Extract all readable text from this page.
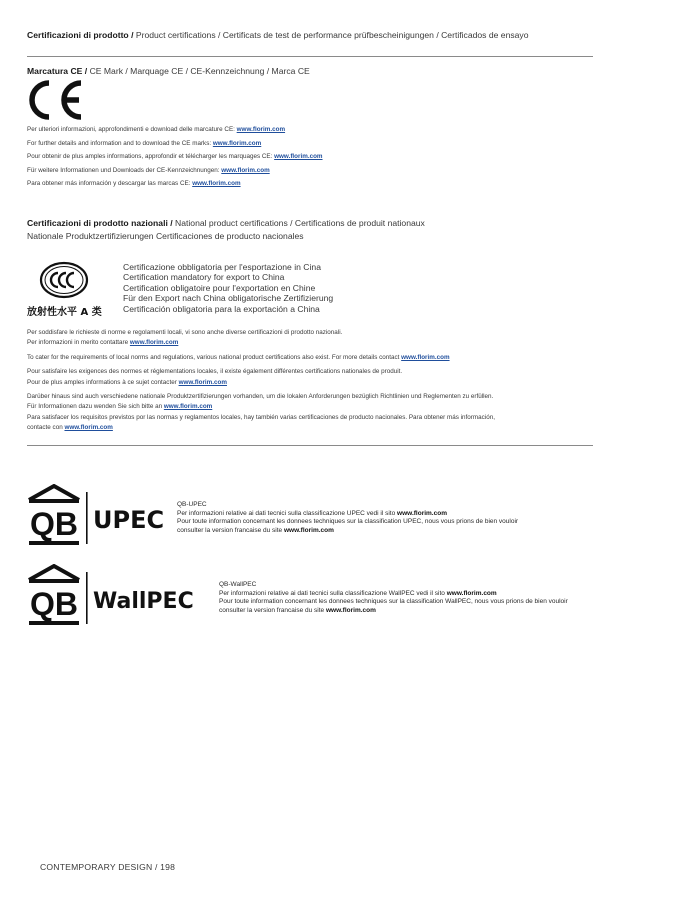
Certificazioni di prodotto / Product certifications / Certificats de test de performance prüfbescheinigungen / Certificados de ensayo
Marcatura CE / CE Mark / Marquage CE / CE-Kennzeichnung / Marca CE
Per ulteriori informazioni, approfondimenti e download delle marcature CE: www.florim.com
For further details and information and to download the CE marks: www.florim.com
Pour obtenir de plus amples informations, approfondir et télécharger les marquages CE: www.florim.com
Für weitere Informationen und Downloads der CE-Kennzeichnungen: www.florim.com
Para obtener más información y descargar las marcas CE: www.florim.com
Certificazioni di prodotto nazionali / National product certifications / Certifications de produit nationaux
Nationale Produktzertifizierungen Certificaciones de producto nacionales
放射性水平 A 类
Certificazione obbligatoria per l'esportazione in Cina
Certification mandatory for export to China
Certification obligatoire pour l'exportation en Chine
Für den Export nach China obligatorische Zertifizierung
Certificación obligatoria para la exportación a China

Per soddisfare le richieste di norme e regolamenti locali, vi sono anche diverse certificazioni di prodotto nazionali.

Per informazioni in merito contattare www.florim.com

To cater for the requirements of local norms and regulations, various national product certifications also exist. For more details contact www.florim.com

Pour satisfaire les exigences des normes et réglementations locales, il existe également différentes certifications nationales de produit.

Pour de plus amples informations à ce sujet contacter www.florim.com

Darüber hinaus sind auch verschiedene nationale Produktzertifizierungen vorhanden, um die lokalen Anforderungen bezüglich Richtlinien und Reglementen zu erfüllen.

Für Informationen dazu wenden Sie sich bitte an www.florim.com

Para satisfacer los requisitos previstos por las normas y reglamentos locales, hay también varias certificaciones de producto nacionales. Para obtener más información,

contacte con www.florim.com

QB UPEC
QB-UPEC
Per informazioni relative ai dati tecnici sulla classificazione UPEC vedi il sito www.florim.com
Pour toute information concernant les donnees techniques sur la classification UPEC, nous vous prions de bien vouloir
consulter la version francaise du site www.florim.com
QB WallPEC
QB-WallPEC
Per informazioni relative ai dati tecnici sulla classificazione WallPEC vedi il sito www.florim.com
Pour toute information concernant les donnees techniques sur la classification WallPEC, nous vous prions de bien vouloir
consulter la version francaise du site www.florim.com
CONTEMPORARY DESIGN / 198
